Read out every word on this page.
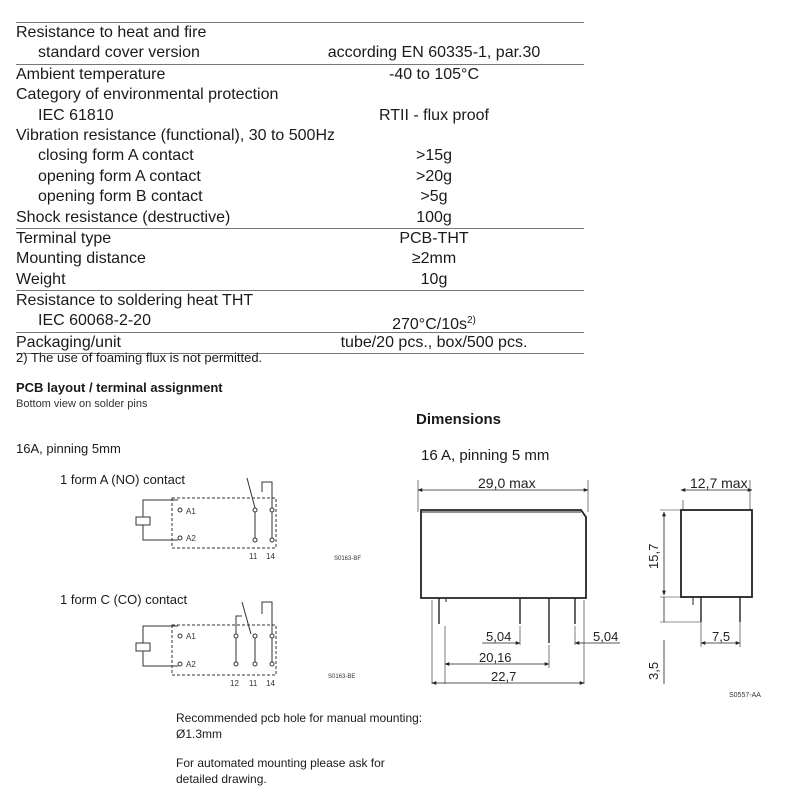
Resistance to heat and fire
standard cover version	according EN 60335-1, par.30
Ambient temperature	-40 to 105°C
Category of environmental protection
IEC 61810	RTII - flux proof
Vibration resistance (functional), 30 to 500Hz
closing form A contact	>15g
opening form A contact	>20g
opening form B contact	>5g
Shock resistance (destructive)	100g
Terminal type	PCB-THT
Mounting distance	≥2mm
Weight	10g
Resistance to soldering heat THT
IEC 60068-2-20	$270^\circ C/10s^{2)}$
Packaging/unit	tube/20 pcs., box/500 pcs.
2) The use of foaming flux is not permitted.
PCB layout / terminal assignment
Bottom view on solder pins
16A, pinning 5mm
1 form A (NO) contact
1 form C (CO) contact
Dimensions
16 A, pinning 5 mm
A1
A2
11 14	S0163-BF
A1
A2
12 11 14
S0163-BE
29,0 max
5,04	5,04
20,16
22,7
12,7 max
7,5
15,7
3,5
S0557-AA
Recommended pcb hole for manual mounting:
Ø1.3mm
For automated mounting please ask for
detailed drawing.
